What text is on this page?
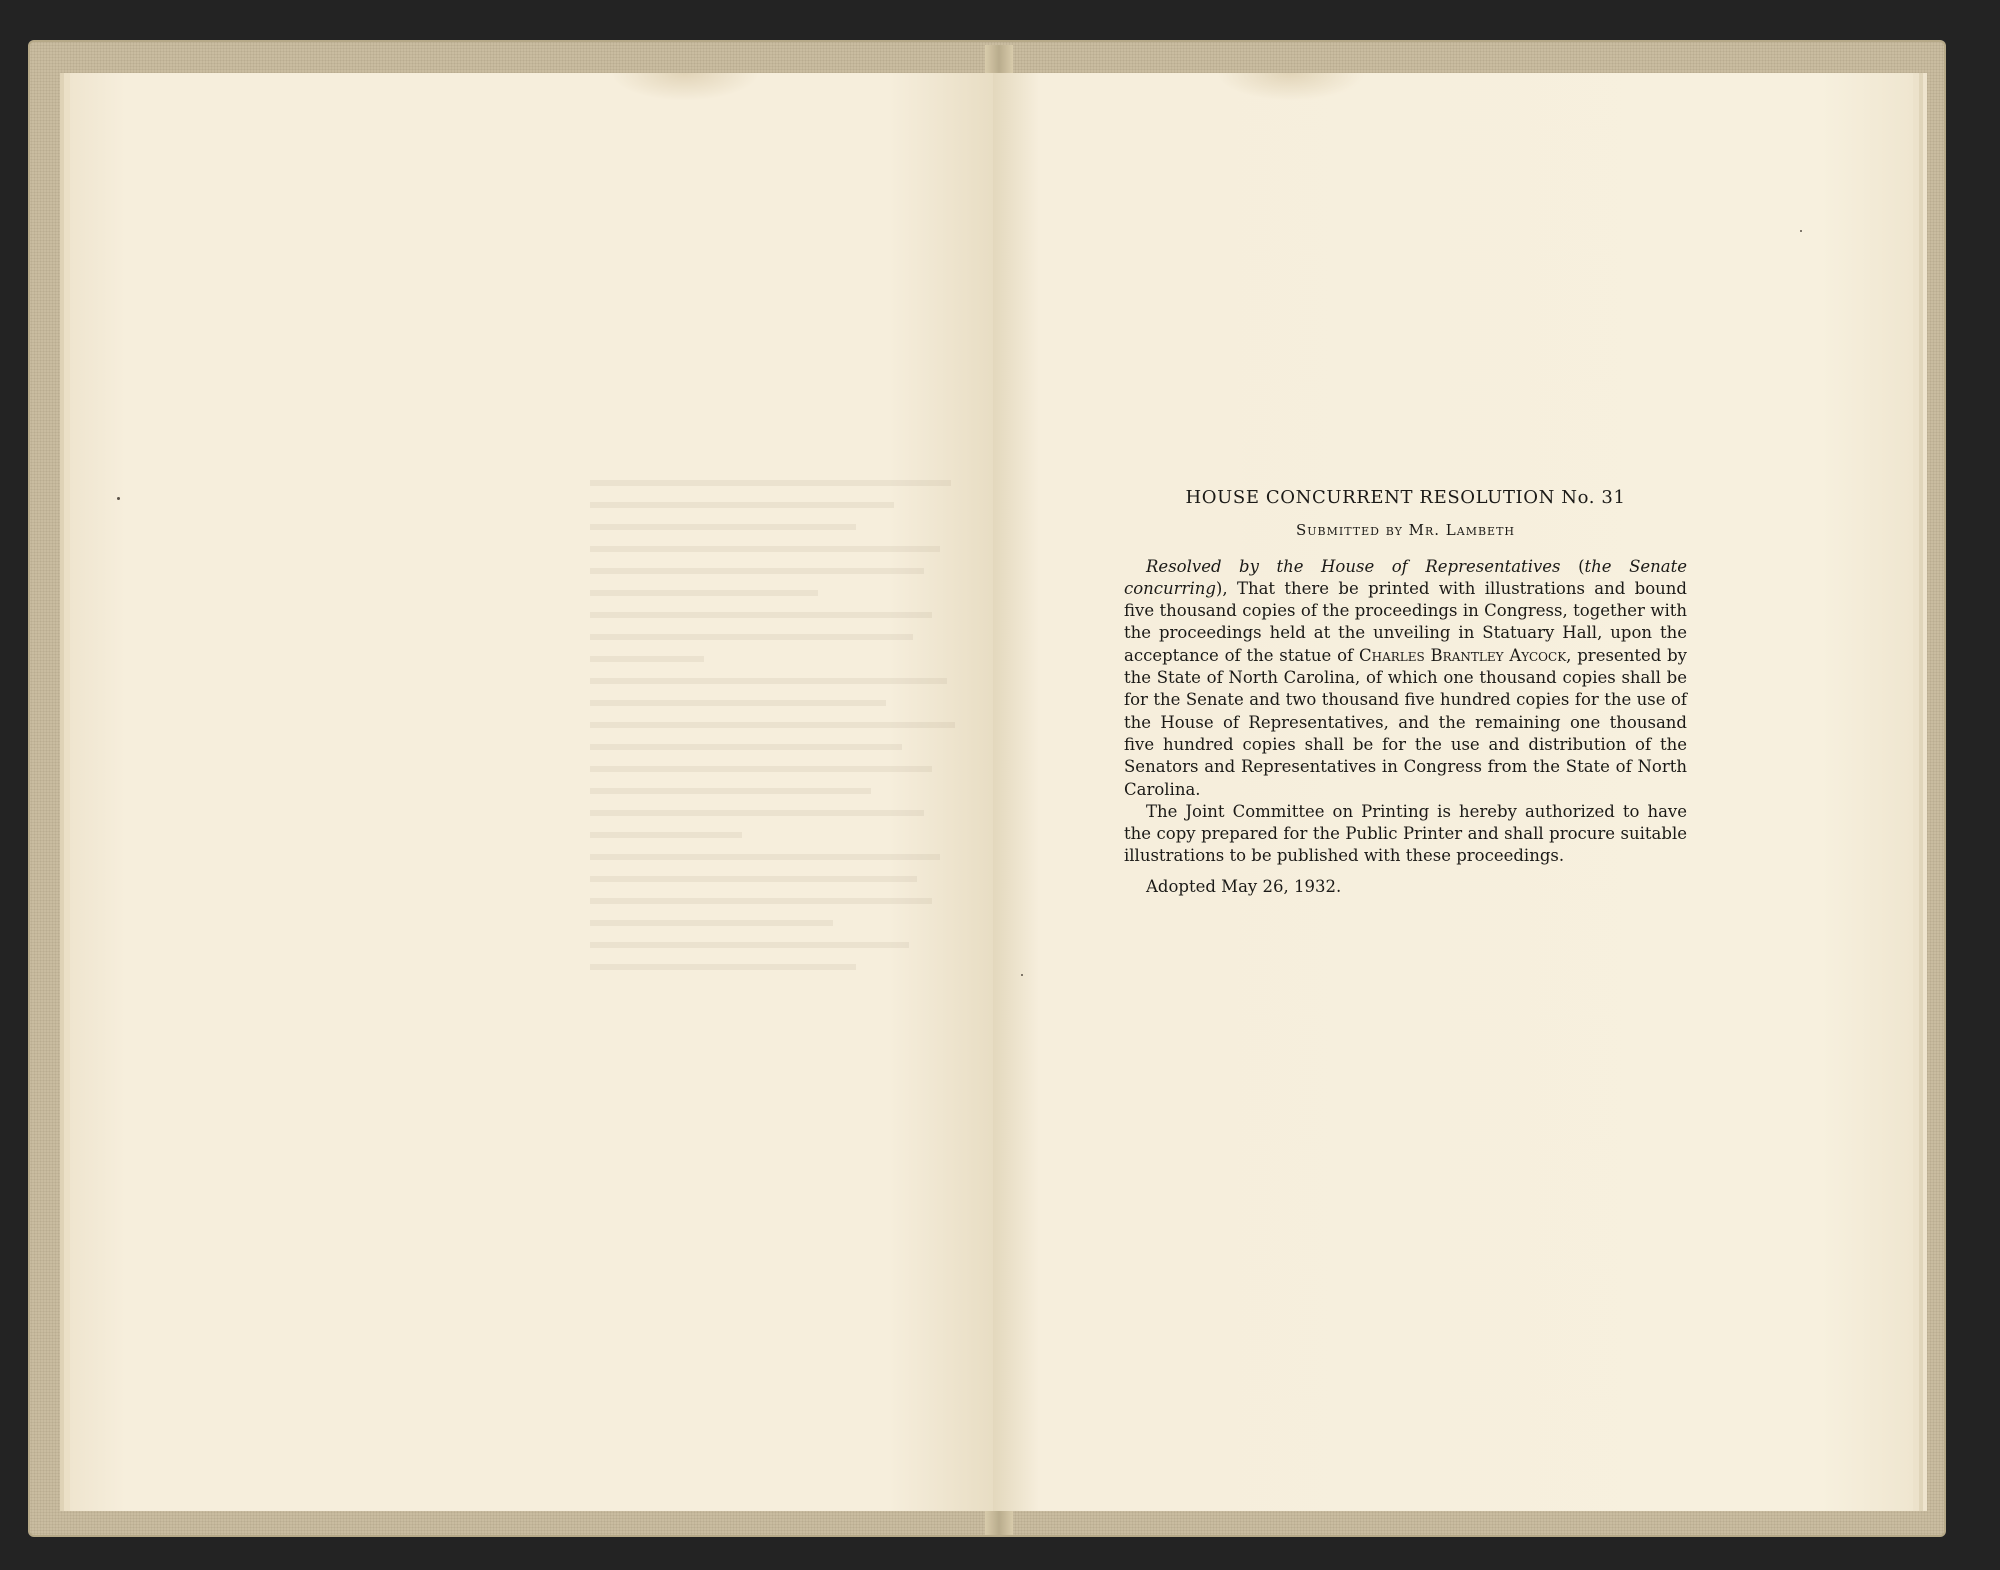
HOUSE CONCURRENT RESOLUTION No. 31
Submitted by Mr. Lambeth

Resolved by the House of Representatives (the Senate concurring), That there be printed with illustrations and bound five thousand copies of the proceedings in Congress, together with the proceedings held at the unveiling in Statuary Hall, upon the acceptance of the statue of Charles Brantley Aycock, presented by the State of North Carolina, of which one thousand copies shall be for the Senate and two thousand five hundred copies for the use of the House of Representatives, and the remaining one thousand five hundred copies shall be for the use and distribution of the Senators and Representatives in Congress from the State of North Carolina.

The Joint Committee on Printing is hereby authorized to have the copy prepared for the Public Printer and shall procure suitable illustrations to be published with these proceedings.

Adopted May 26, 1932.
